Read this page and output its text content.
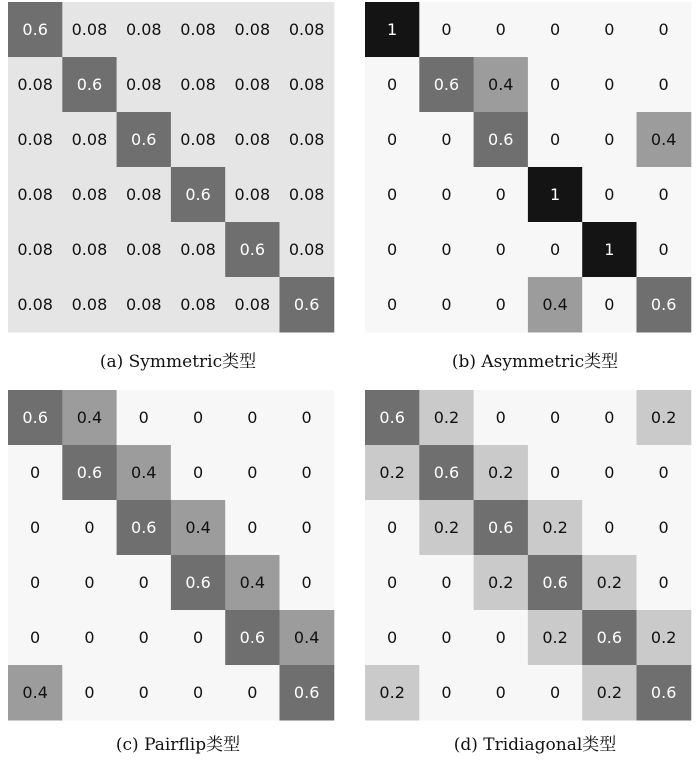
0.6 0.08 0.08 0.08 0.08 0.08
0.08 0.6 0.08 0.08 0.08 0.08
0.08 0.08 0.6 0.08 0.08 0.08
0.08 0.08 0.08 0.6 0.08 0.08
0.08 0.08 0.08 0.08 0.6 0.08
0.08 0.08 0.08 0.08 0.08 0.6
(a) Symmetric类型
1	0	0	0	0	0
0 0.6 0.4 0	0	0
0	0 0.6 0	0 0.4
0	0	0	1	0	0
0	0	0	0	1	0
0	0	0 0.4 0 0.6
(b) Asymmetric类型
0.6 0.4 0	0	0	0
0 0.6 0.4 0	0	0
0	0 0.6 0.4 0	0
0	0	0 0.6 0.4 0
0	0	0	0 0.6 0.4
0.4 0	0	0	0 0.6
(c) Pairflip类型
0.6 0.2 0	0	0 0.2
0.2 0.6 0.2 0	0	0
0 0.2 0.6 0.2 0	0
0	0 0.2 0.6 0.2 0
0	0	0 0.2 0.6 0.2
0.2 0	0	0 0.2 0.6
(d) Tridiagonal类型
